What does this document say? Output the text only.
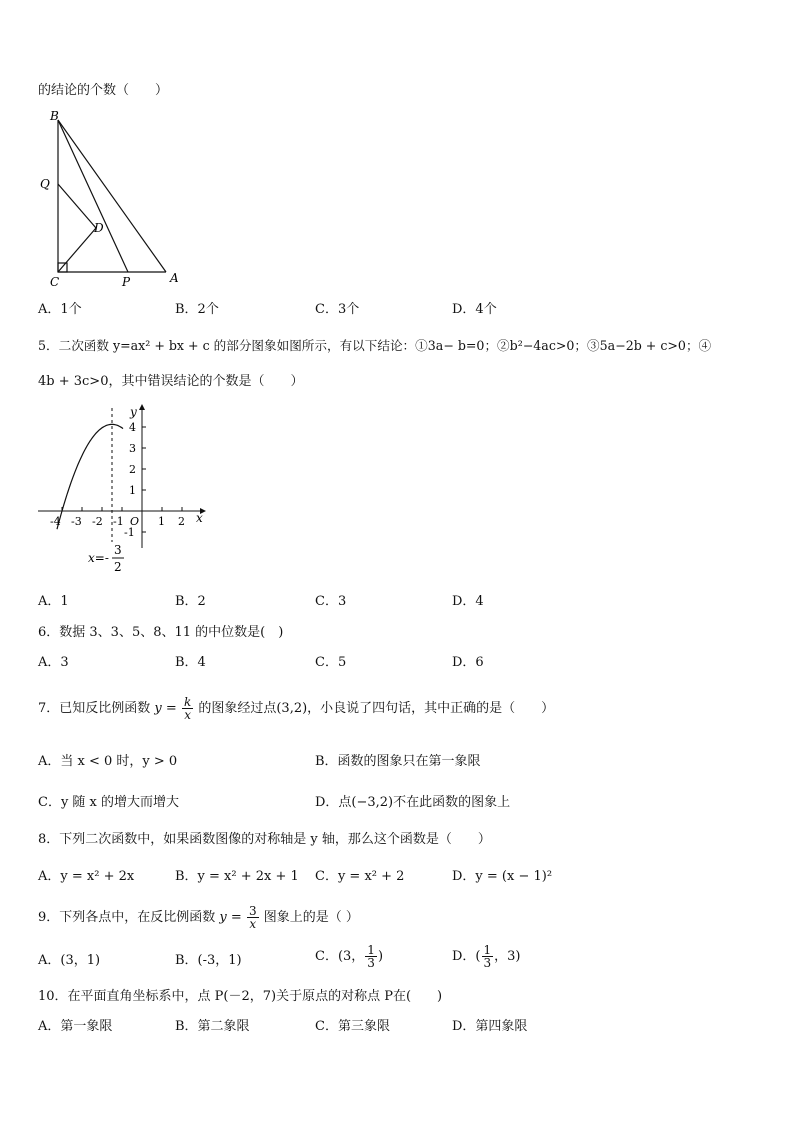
的结论的个数（　　）
B
Q
D
C	P	A
A．1个	B．2个	C．3个	D．4个
5．二次函数 y=ax² + bx + c 的部分图象如图所示，有以下结论：①3a− b=0；②b²−4ac>0；③5a−2b + c>0；④
4b + 3c>0，其中错误结论的个数是（　　）
-4 -3 -2 -1	1 2
4
3
2
1
-1
x
y
O
x=-
3
2
A．1	B．2	C．3	D．4
6．数据 3、3、5、8、11 的中位数是(　)
A．3	B．4	C．5	D．6
7．已知反比例函数 $y = \frac{k}{x}$ 的图象经过点(3,2)，小良说了四句话，其中正确的是（　　）
A．当 x < 0 时，y > 0	B．函数的图象只在第一象限
C．y 随 x 的增大而增大	D．点(−3,2)不在此函数的图象上
8．下列二次函数中，如果函数图像的对称轴是 y 轴，那么这个函数是（　　）
A．y = x² + 2x	B．y = x² + 2x + 1 C．y = x² + 2	D．y = (x − 1)²
9．下列各点中，在反比例函数 $y = \frac{3}{x}$ 图象上的是（ ）
A．(3，1)	B．(-3，1)	C．(3， $\frac{1}{3}$ )	D．( $\frac{1}{3}$ ，3)
10．在平面直角坐标系中，点 P(－2，7)关于原点的对称点 P在(　　)
A．第一象限	B．第二象限	C．第三象限	D．第四象限
